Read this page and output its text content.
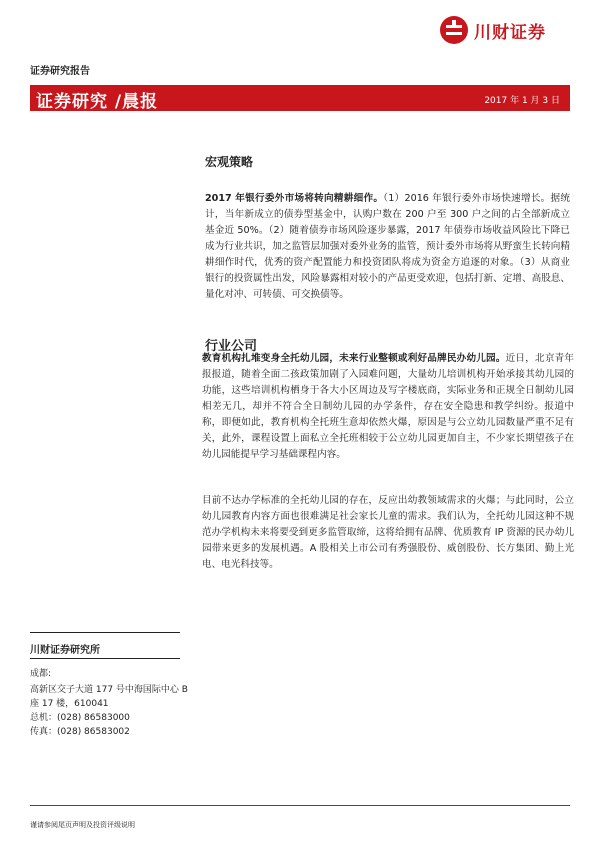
川财证券
证券研究报告
证券研究 /晨报	2017 年 1 月 3 日
宏观策略
2017 年银行委外市场将转向精耕细作。（1）2016 年银行委外市场快速增长。据统计，当年新成立的债券型基金中，认购户数在 200 户至 300 户之间的占全部新成立基金近 50%。（2）随着债券市场风险逐步暴露，2017 年债券市场收益风险比下降已成为行业共识，加之监管层加强对委外业务的监管，预计委外市场将从野蛮生长转向精耕细作时代，优秀的资产配置能力和投资团队将成为资金方追逐的对象。（3）从商业银行的投资属性出发，风险暴露相对较小的产品更受欢迎，包括打新、定增、高股息、量化对冲、可转债、可交换债等。
行业公司
教育机构扎堆变身全托幼儿园，未来行业整顿或利好品牌民办幼儿园。近日，北京青年报报道，随着全面二孩政策加剧了入园难问题，大量幼儿培训机构开始承接其幼儿园的功能，这些培训机构栖身于各大小区周边及写字楼底商，实际业务和正规全日制幼儿园相差无几，却并不符合全日制幼儿园的办学条件，存在安全隐患和教学纠纷。报道中称，即便如此，教育机构全托班生意却依然火爆，原因是与公立幼儿园数量严重不足有关，此外，课程设置上面私立全托班相较于公立幼儿园更加自主，不少家长期望孩子在幼儿园能提早学习基础课程内容。
目前不达办学标准的全托幼儿园的存在，反应出幼教领域需求的火爆；与此同时，公立幼儿园教育内容方面也很难满足社会家长儿童的需求。我们认为，全托幼儿园这种不规范办学机构未来将要受到更多监管取缔，这将给拥有品牌、优质教育 IP 资源的民办幼儿园带来更多的发展机遇。A 股相关上市公司有秀强股份、威创股份、长方集团、勤上光电、电光科技等。
川财证券研究所
成都:
高新区交子大道 177 号中海国际中心 B
座 17 楼，610041
总机：(028) 86583000
传真：(028) 86583002
谨请参阅尾页声明及投资评级说明
